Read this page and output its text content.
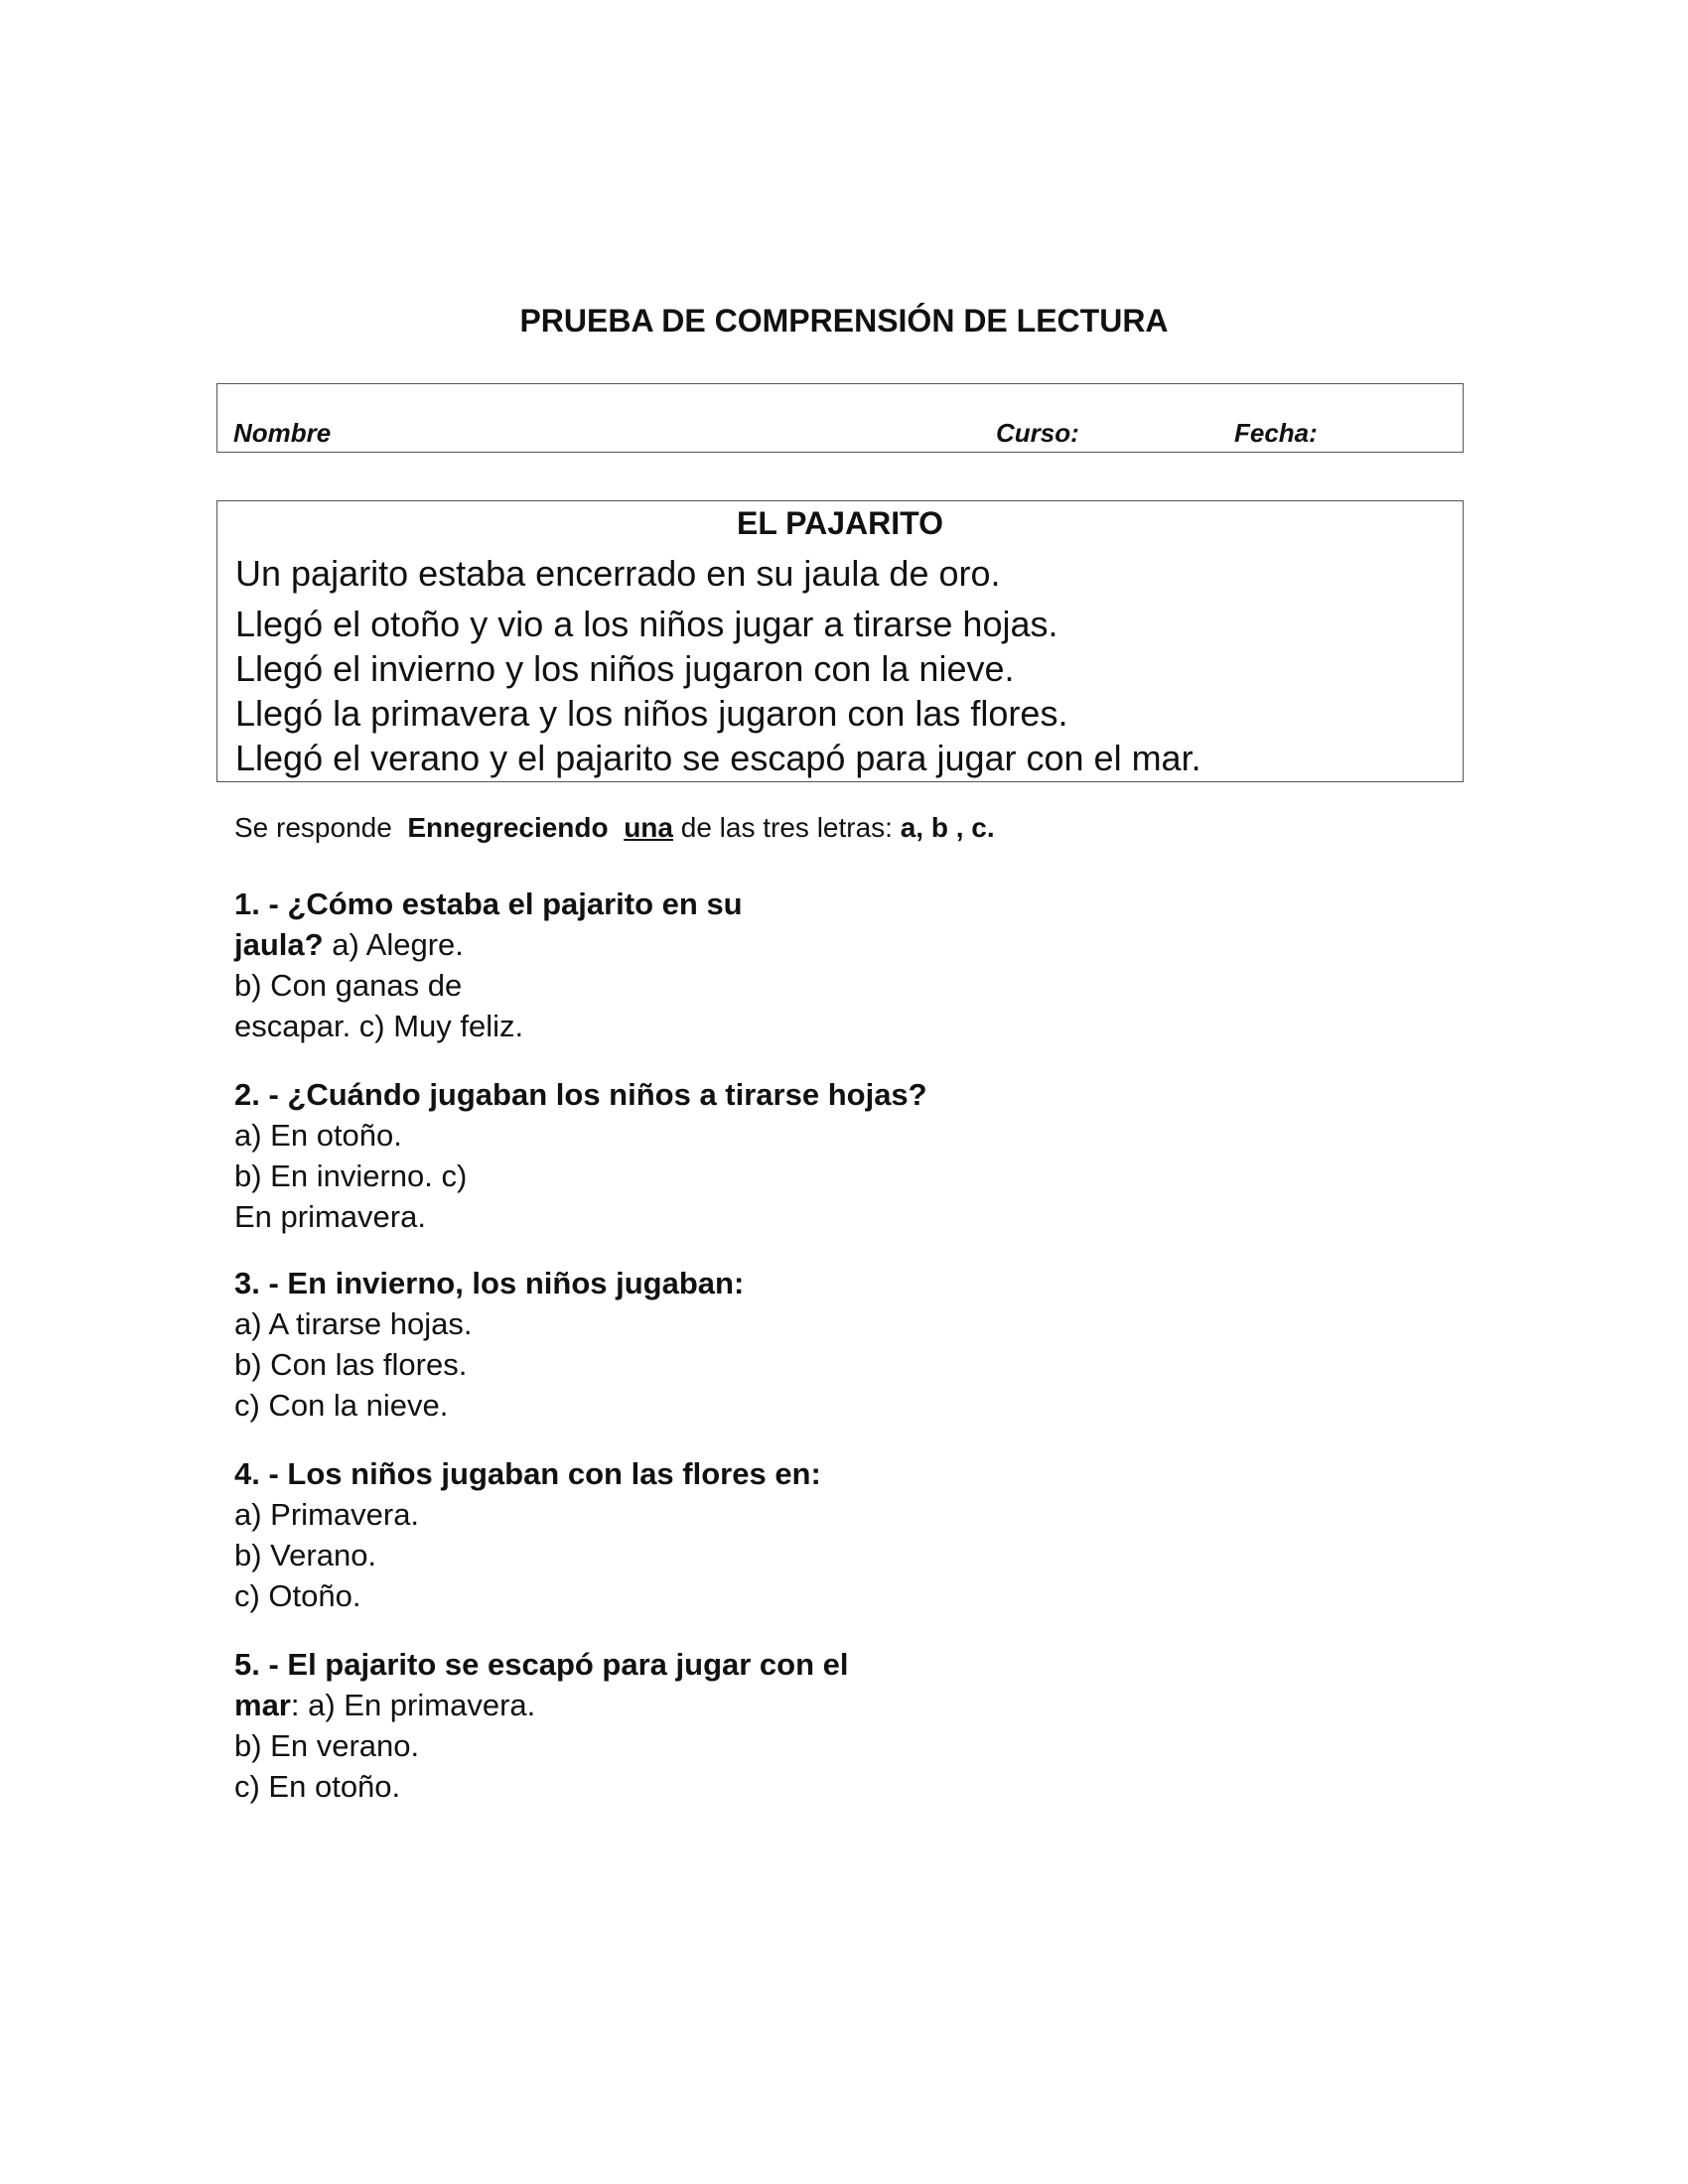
PRUEBA DE COMPRENSIÓN DE LECTURA
Nombre	Curso:	Fecha:
EL PAJARITO
Un pajarito estaba encerrado en su jaula de oro.
Llegó el otoño y vio a los niños jugar a tirarse hojas.
Llegó el invierno y los niños jugaron con la nieve.
Llegó la primavera y los niños jugaron con las flores.
Llegó el verano y el pajarito se escapó para jugar con el mar.
Se responde Ennegreciendo una de las tres letras: a, b , c.
1. - ¿Cómo estaba el pajarito en su
jaula? a) Alegre.
b) Con ganas de
escapar. c) Muy feliz.
2. - ¿Cuándo jugaban los niños a tirarse hojas?
a) En otoño.
b) En invierno. c)
En primavera.
3. - En invierno, los niños jugaban:
a) A tirarse hojas.
b) Con las flores.
c) Con la nieve.
4. - Los niños jugaban con las flores en:
a) Primavera.
b) Verano.
c) Otoño.
5. - El pajarito se escapó para jugar con el
mar: a) En primavera.
b) En verano.
c) En otoño.
